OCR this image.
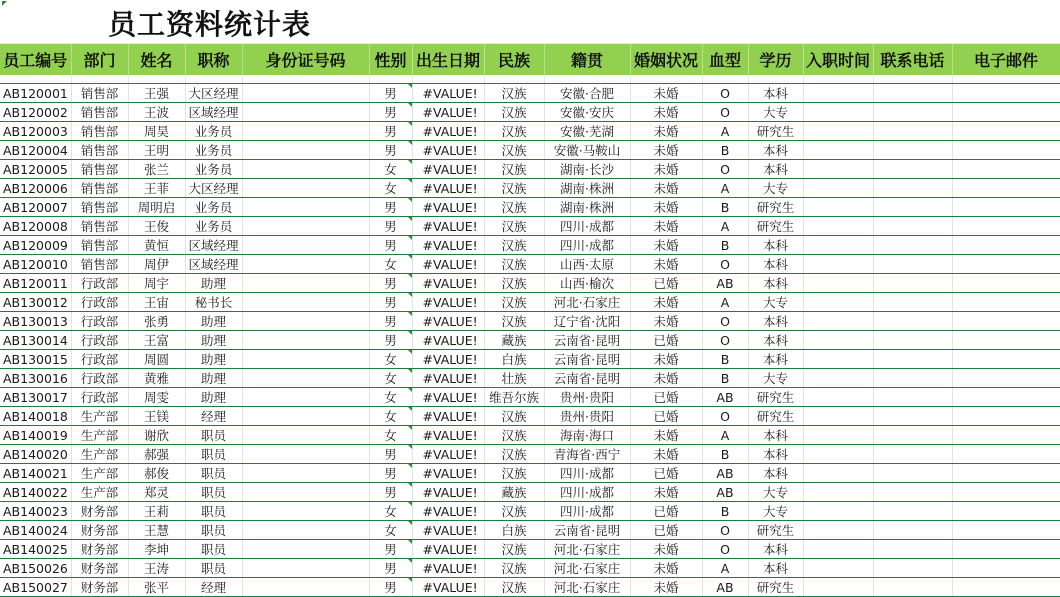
员工资料统计表
员工编号	部门	姓名	职称	身份证号码	性别	出生日期	民族	籍贯	婚姻状况	血型	学历	入职时间	联系电话	电子邮件

AB120001	销售部	王强	大区经理		男	#VALUE!	汉族	安徽·合肥	未婚	O	本科			
AB120002	销售部	王波	区域经理		男	#VALUE!	汉族	安徽·安庆	未婚	O	大专			
AB120003	销售部	周昊	业务员		男	#VALUE!	汉族	安徽·芜湖	未婚	A	研究生			
AB120004	销售部	王明	业务员		男	#VALUE!	汉族	安徽·马鞍山	未婚	B	本科			
AB120005	销售部	张兰	业务员		女	#VALUE!	汉族	湖南·长沙	未婚	O	本科			
AB120006	销售部	王菲	大区经理		女	#VALUE!	汉族	湖南·株洲	未婚	A	大专			
AB120007	销售部	周明启	业务员		男	#VALUE!	汉族	湖南·株洲	未婚	B	研究生			
AB120008	销售部	王俊	业务员		男	#VALUE!	汉族	四川·成都	未婚	A	研究生			
AB120009	销售部	黄恒	区域经理		男	#VALUE!	汉族	四川·成都	未婚	B	本科			
AB120010	销售部	周伊	区域经理		女	#VALUE!	汉族	山西·太原	未婚	O	本科			
AB120011	行政部	周宇	助理		男	#VALUE!	汉族	山西·榆次	已婚	AB	本科			
AB130012	行政部	王宙	秘书长		男	#VALUE!	汉族	河北·石家庄	未婚	A	大专			
AB130013	行政部	张勇	助理		男	#VALUE!	汉族	辽宁省·沈阳	未婚	O	本科			
AB130014	行政部	王富	助理		男	#VALUE!	藏族	云南省·昆明	已婚	O	本科			
AB130015	行政部	周圆	助理		女	#VALUE!	白族	云南省·昆明	未婚	B	本科			
AB130016	行政部	黄雅	助理		女	#VALUE!	壮族	云南省·昆明	未婚	B	大专			
AB130017	行政部	周雯	助理		女	#VALUE!	维吾尔族	贵州·贵阳	已婚	AB	研究生			
AB140018	生产部	王镁	经理		女	#VALUE!	汉族	贵州·贵阳	已婚	O	研究生			
AB140019	生产部	谢欣	职员		女	#VALUE!	汉族	海南·海口	未婚	A	本科			
AB140020	生产部	郝强	职员		男	#VALUE!	汉族	青海省·西宁	未婚	B	本科			
AB140021	生产部	郝俊	职员		男	#VALUE!	汉族	四川·成都	已婚	AB	本科			
AB140022	生产部	郑灵	职员		男	#VALUE!	藏族	四川·成都	未婚	AB	大专			
AB140023	财务部	王莉	职员		女	#VALUE!	汉族	四川·成都	已婚	B	大专			
AB140024	财务部	王慧	职员		女	#VALUE!	白族	云南省·昆明	已婚	O	研究生			
AB140025	财务部	李坤	职员		男	#VALUE!	汉族	河北·石家庄	未婚	O	本科			
AB150026	财务部	王涛	职员		男	#VALUE!	汉族	河北·石家庄	未婚	A	本科			
AB150027	财务部	张平	经理		男	#VALUE!	汉族	河北·石家庄	未婚	AB	研究生			
